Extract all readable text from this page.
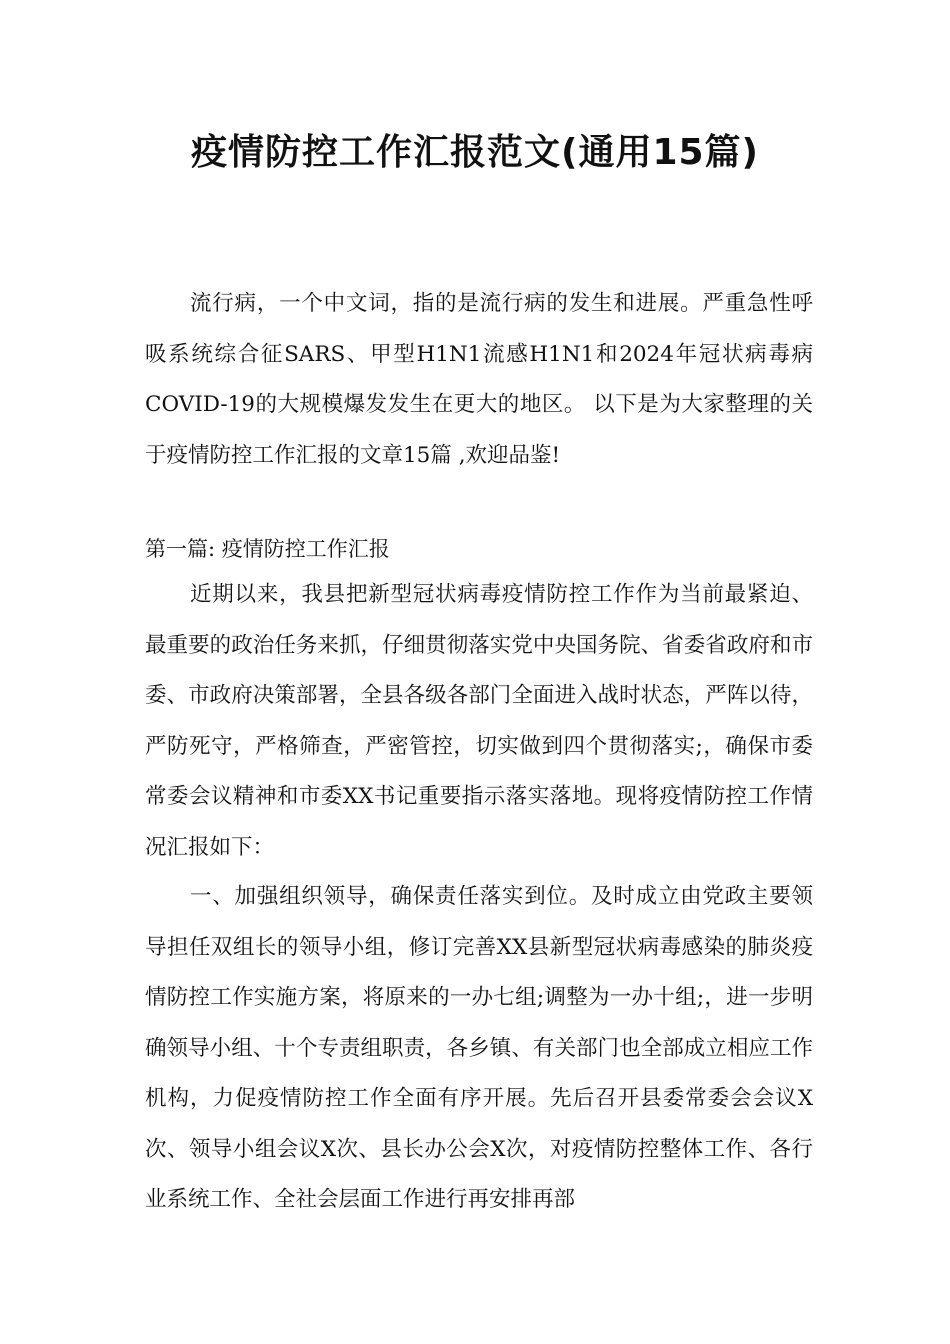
疫情防控工作汇报范文(通用15篇)

流行病，一个中文词，指的是流行病的发生和进展。严重急性呼吸系统综合征SARS、甲型H1N1流感H1N1和2024年冠状病毒病COVID-19的大规模爆发发生在更大的地区。 以下是为大家整理的关于疫情防控工作汇报的文章15篇 ,欢迎品鉴!

第一篇: 疫情防控工作汇报

近期以来，我县把新型冠状病毒疫情防控工作作为当前最紧迫、最重要的政治任务来抓，仔细贯彻落实党中央国务院、省委省政府和市委、市政府决策部署，全县各级各部门全面进入战时状态，严阵以待，严防死守，严格筛查，严密管控，切实做到四个贯彻落实;，确保市委常委会议精神和市委XX书记重要指示落实落地。现将疫情防控工作情况汇报如下：

一、加强组织领导，确保责任落实到位。及时成立由党政主要领导担任双组长的领导小组，修订完善XX县新型冠状病毒感染的肺炎疫情防控工作实施方案，将原来的一办七组;调整为一办十组;，进一步明确领导小组、十个专责组职责，各乡镇、有关部门也全部成立相应工作机构，力促疫情防控工作全面有序开展。先后召开县委常委会会议X次、领导小组会议X次、县长办公会X次，对疫情防控整体工作、各行业系统工作、全社会层面工作进行再安排再部
